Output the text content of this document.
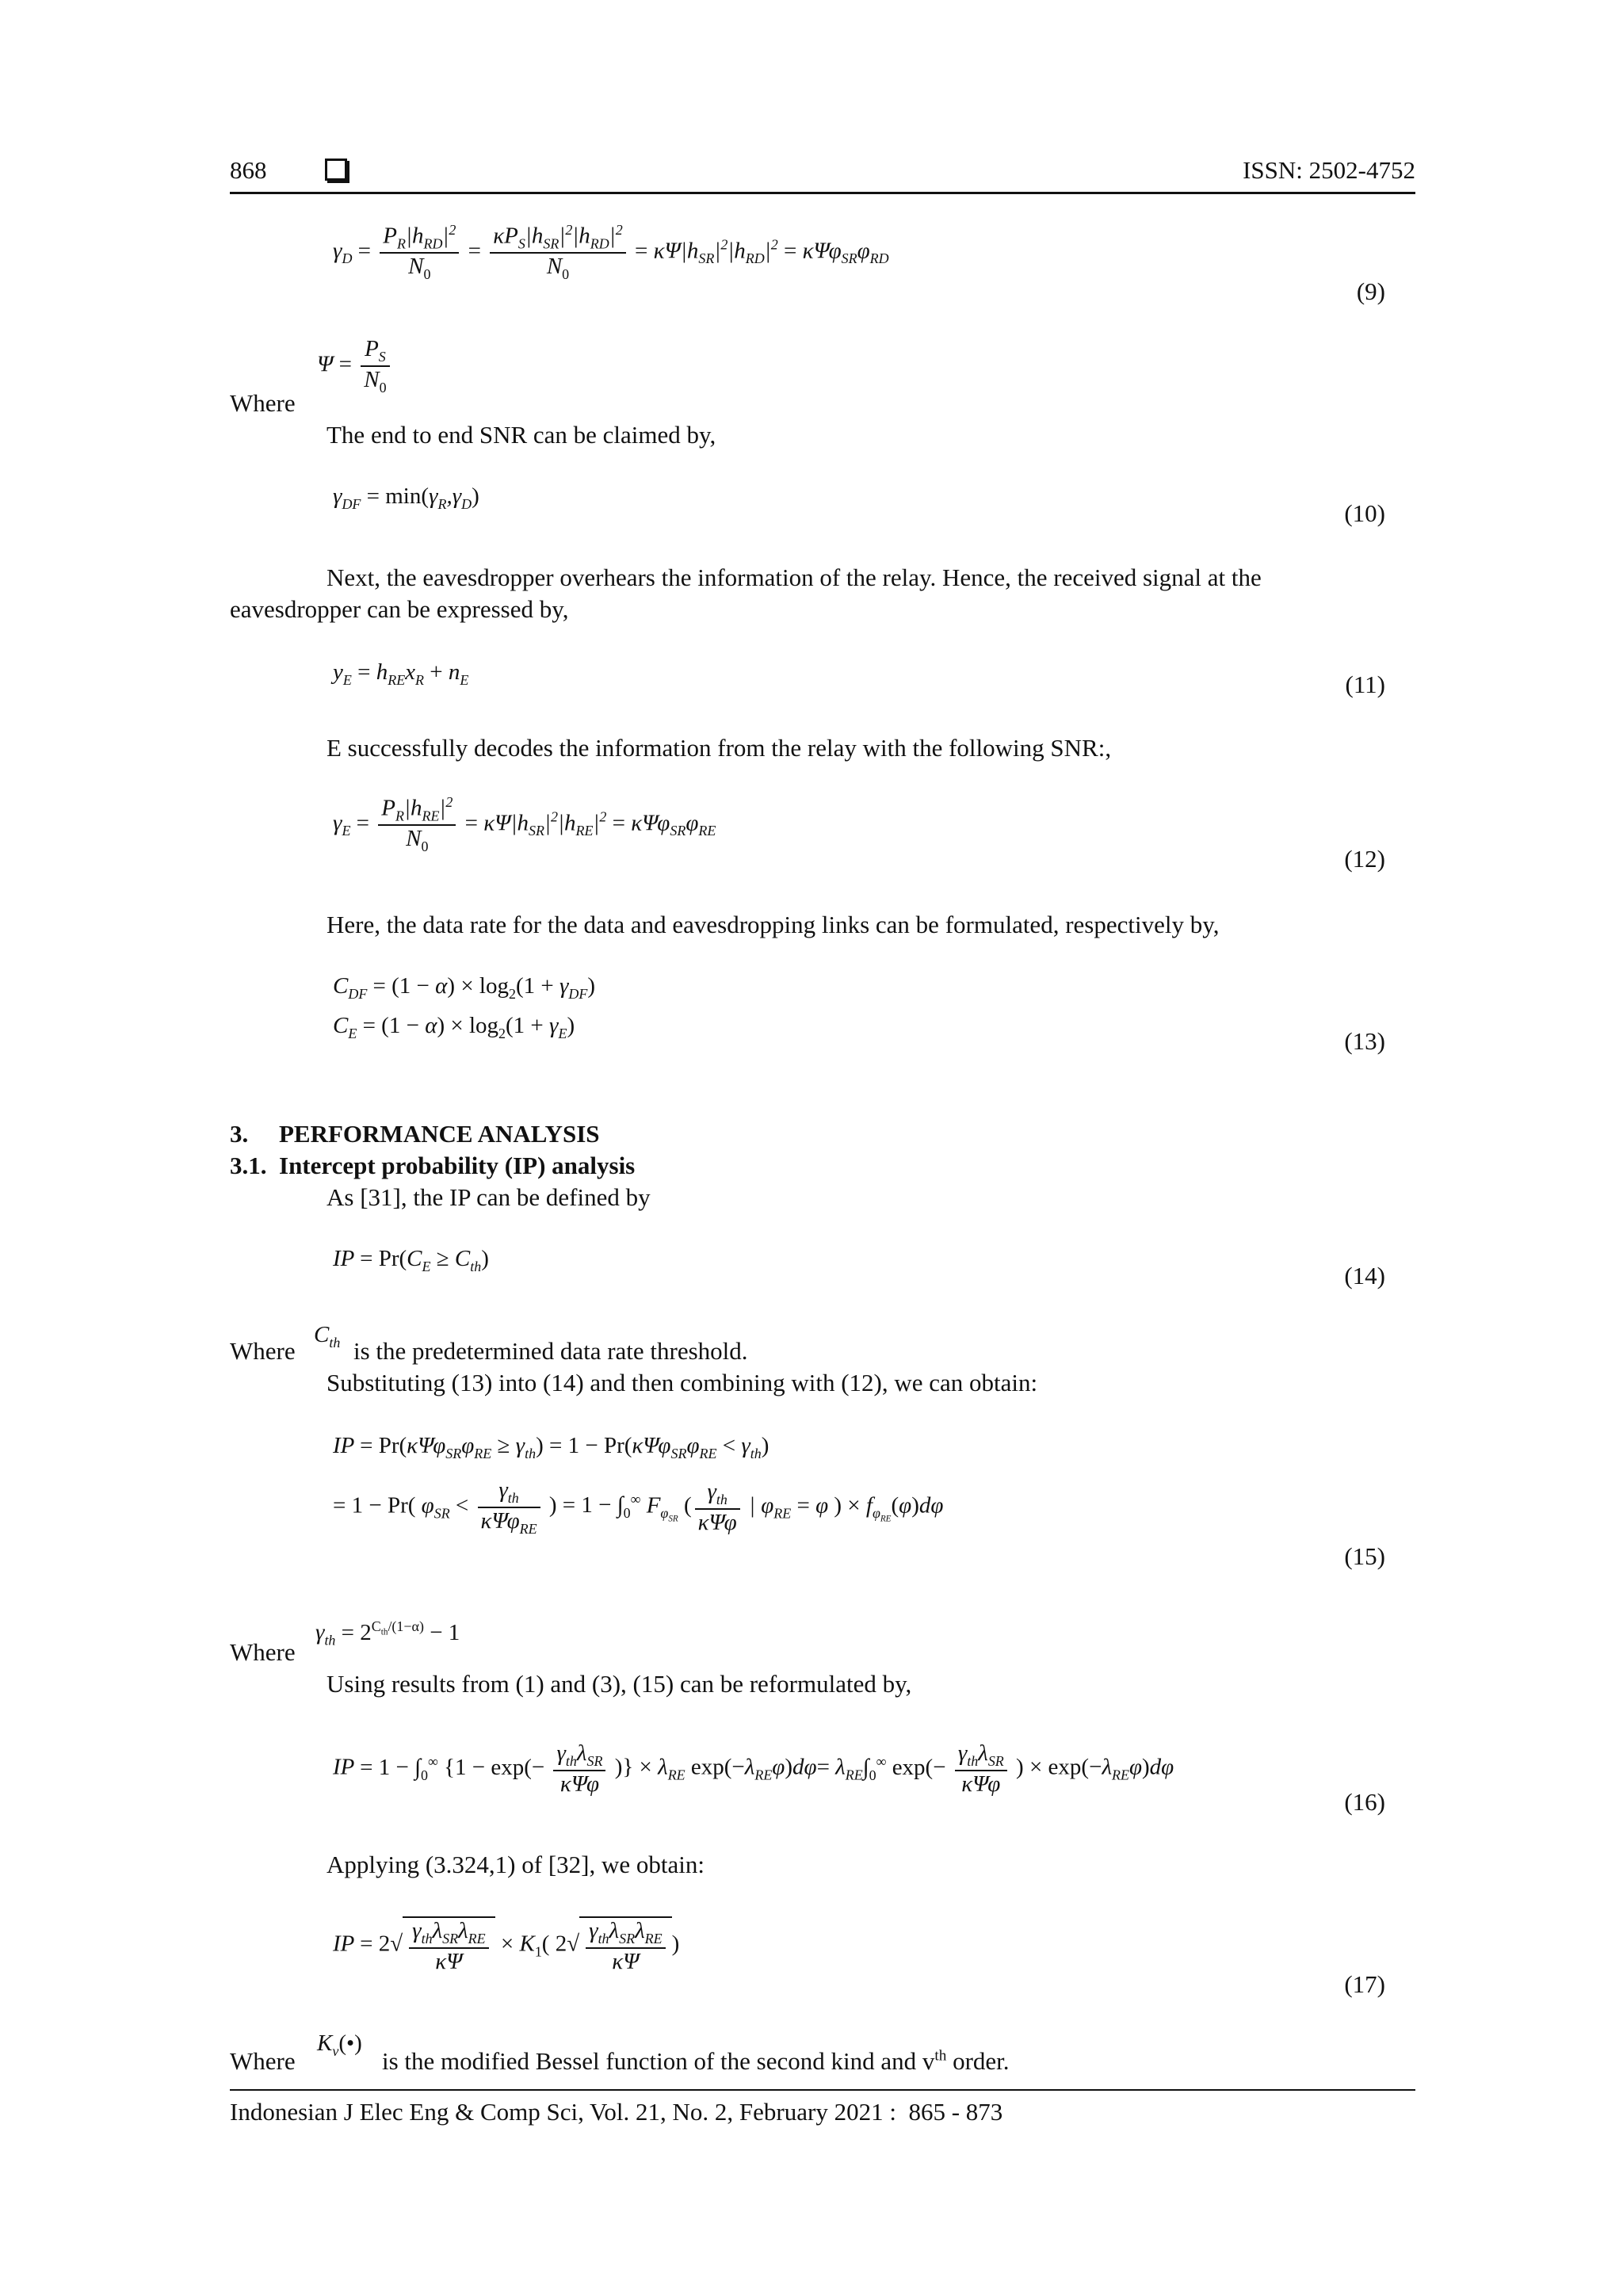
868	ISSN: 2502-4752
$\gamma_D = \frac{P_R|h_{RD}|^2}{N_0} = \frac{\kappa P_S|h_{SR}|^2|h_{RD}|^2}{N_0} = \kappa\Psi|h_{SR}|^2|h_{RD}|^2 = \kappa\Psi\varphi_{SR}\varphi_{RD}$
(9)
$\Psi = \frac{P_S}{N_0}$
Where
The end to end SNR can be claimed by,
$\gamma_{DF} = \min(\gamma_R,\gamma_D)$
(10)
Next, the eavesdropper overhears the information of the relay. Hence, the received signal at the
eavesdropper can be expressed by,
$y_E = h_{RE}x_R + n_E$	(11)
E successfully decodes the information from the relay with the following SNR:,
$\gamma_E = \frac{P_R|h_{RE}|^2}{N_0} = \kappa\Psi|h_{SR}|^2|h_{RE}|^2 = \kappa\Psi\varphi_{SR}\varphi_{RE}$
(12)
Here, the data rate for the data and eavesdropping links can be formulated, respectively by,
$C_{DF} = (1 - \alpha) \times \log_2(1 + \gamma_{DF})$
$C_E = (1 - \alpha) \times \log_2(1 + \gamma_E)$
(13)
3.     PERFORMANCE ANALYSIS
3.1.  Intercept probability (IP) analysis
As [31], the IP can be defined by
IP = $Pr(C_E \ge C_{th})$
(14)
Where
$C_{th}$ is the predetermined data rate threshold.
Substituting (13) into (14) and then combining with (12), we can obtain:
IP = $Pr(\kappa\Psi\varphi_{SR}\varphi_{RE} \ge \gamma_{th}) = 1 - Pr(\kappa\Psi\varphi_{SR}\varphi_{RE} < \gamma_{th})$
= 1 − Pr( $\varphi_{SR} < \frac{\gamma_{th}}{\kappa\Psi\varphi_{RE}}$ ) = $1 - \int_0^\infty$ $F_{\varphi_{SR}}$ ( $\frac{\gamma_{th}}{\text{κΨφ}}$ | $\varphi_{RE} = \varphi$ ) × $f_{\varphi_{RE}}(\varphi)d\varphi$
(15)
Where
$\gamma_{th} = 2^{C_{th}/(1-\alpha)} - 1$
Using results from (1) and (3), (15) can be reformulated by,
IP = $1 - \int_0^\infty$ {$1 - \exp(- \frac{\gamma_{th}\lambda_{SR}}{\text{κΨφ}}$ )} × $\lambda_{RE}$ $\exp(-\lambda_{RE}\varphi)d\varphi= \lambda_{RE}\int_0^\infty$ $\exp(- \frac{\gamma_{th}\lambda_{SR}}{\text{κΨφ}}$ ) × $\exp(-\lambda_{RE}\varphi)d\varphi$
(16)
Applying (3.324,1) of [32], we obtain:
IP = $2√ \frac{\gamma_{th}\lambda_{SR}\lambda_{RE}}{\kappa\Psi} \times K_1$( $2√ \frac{\gamma_{th}\lambda_{SR}\lambda_{RE}}{\kappa\Psi}$ )
(17)
Where
$K_v(•)$
is the modified Bessel function of the second kind and $v^{th}$ order.
Indonesian J Elec Eng & Comp Sci, Vol. 21, No. 2, February 2021 :  865 - 873
